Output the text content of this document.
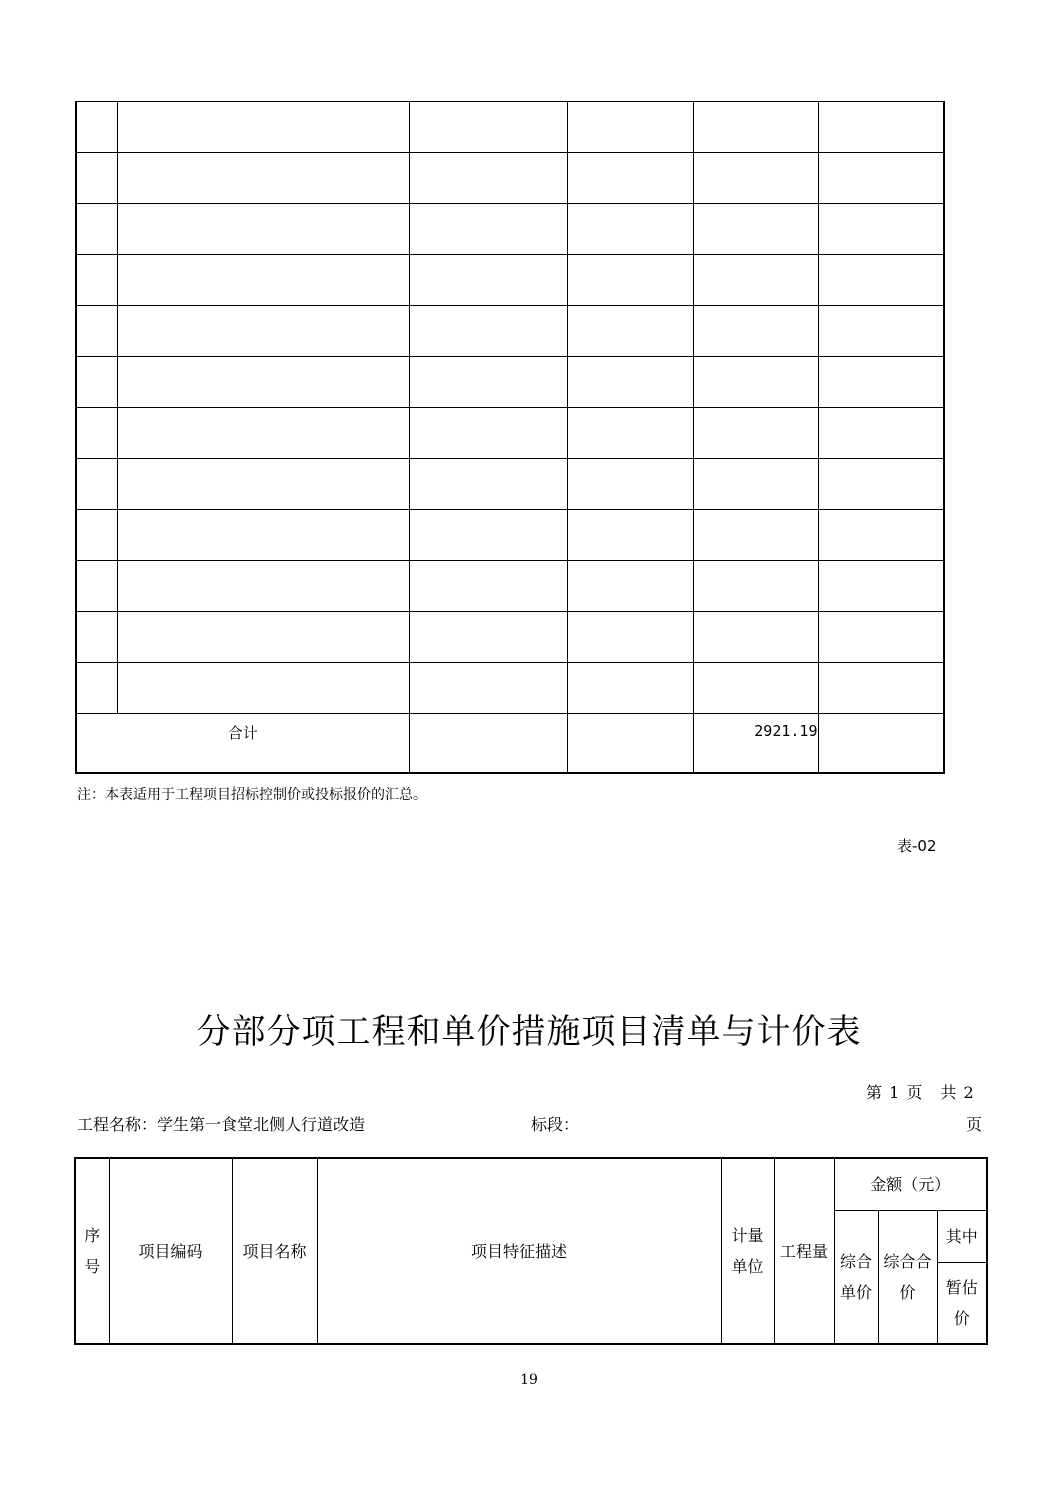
合计				2921.19	
注：本表适用于工程项目招标控制价或投标报价的汇总。
表-02
分部分项工程和单价措施项目清单与计价表
第 1 页　共 2
页
工程名称：学生第一食堂北侧人行道改造	标段：
序号	项目编码	项目名称	项目特征描述	计量单位	工程量	金额（元）		
						综合单价	综合合价	其中
								暂估价
19
